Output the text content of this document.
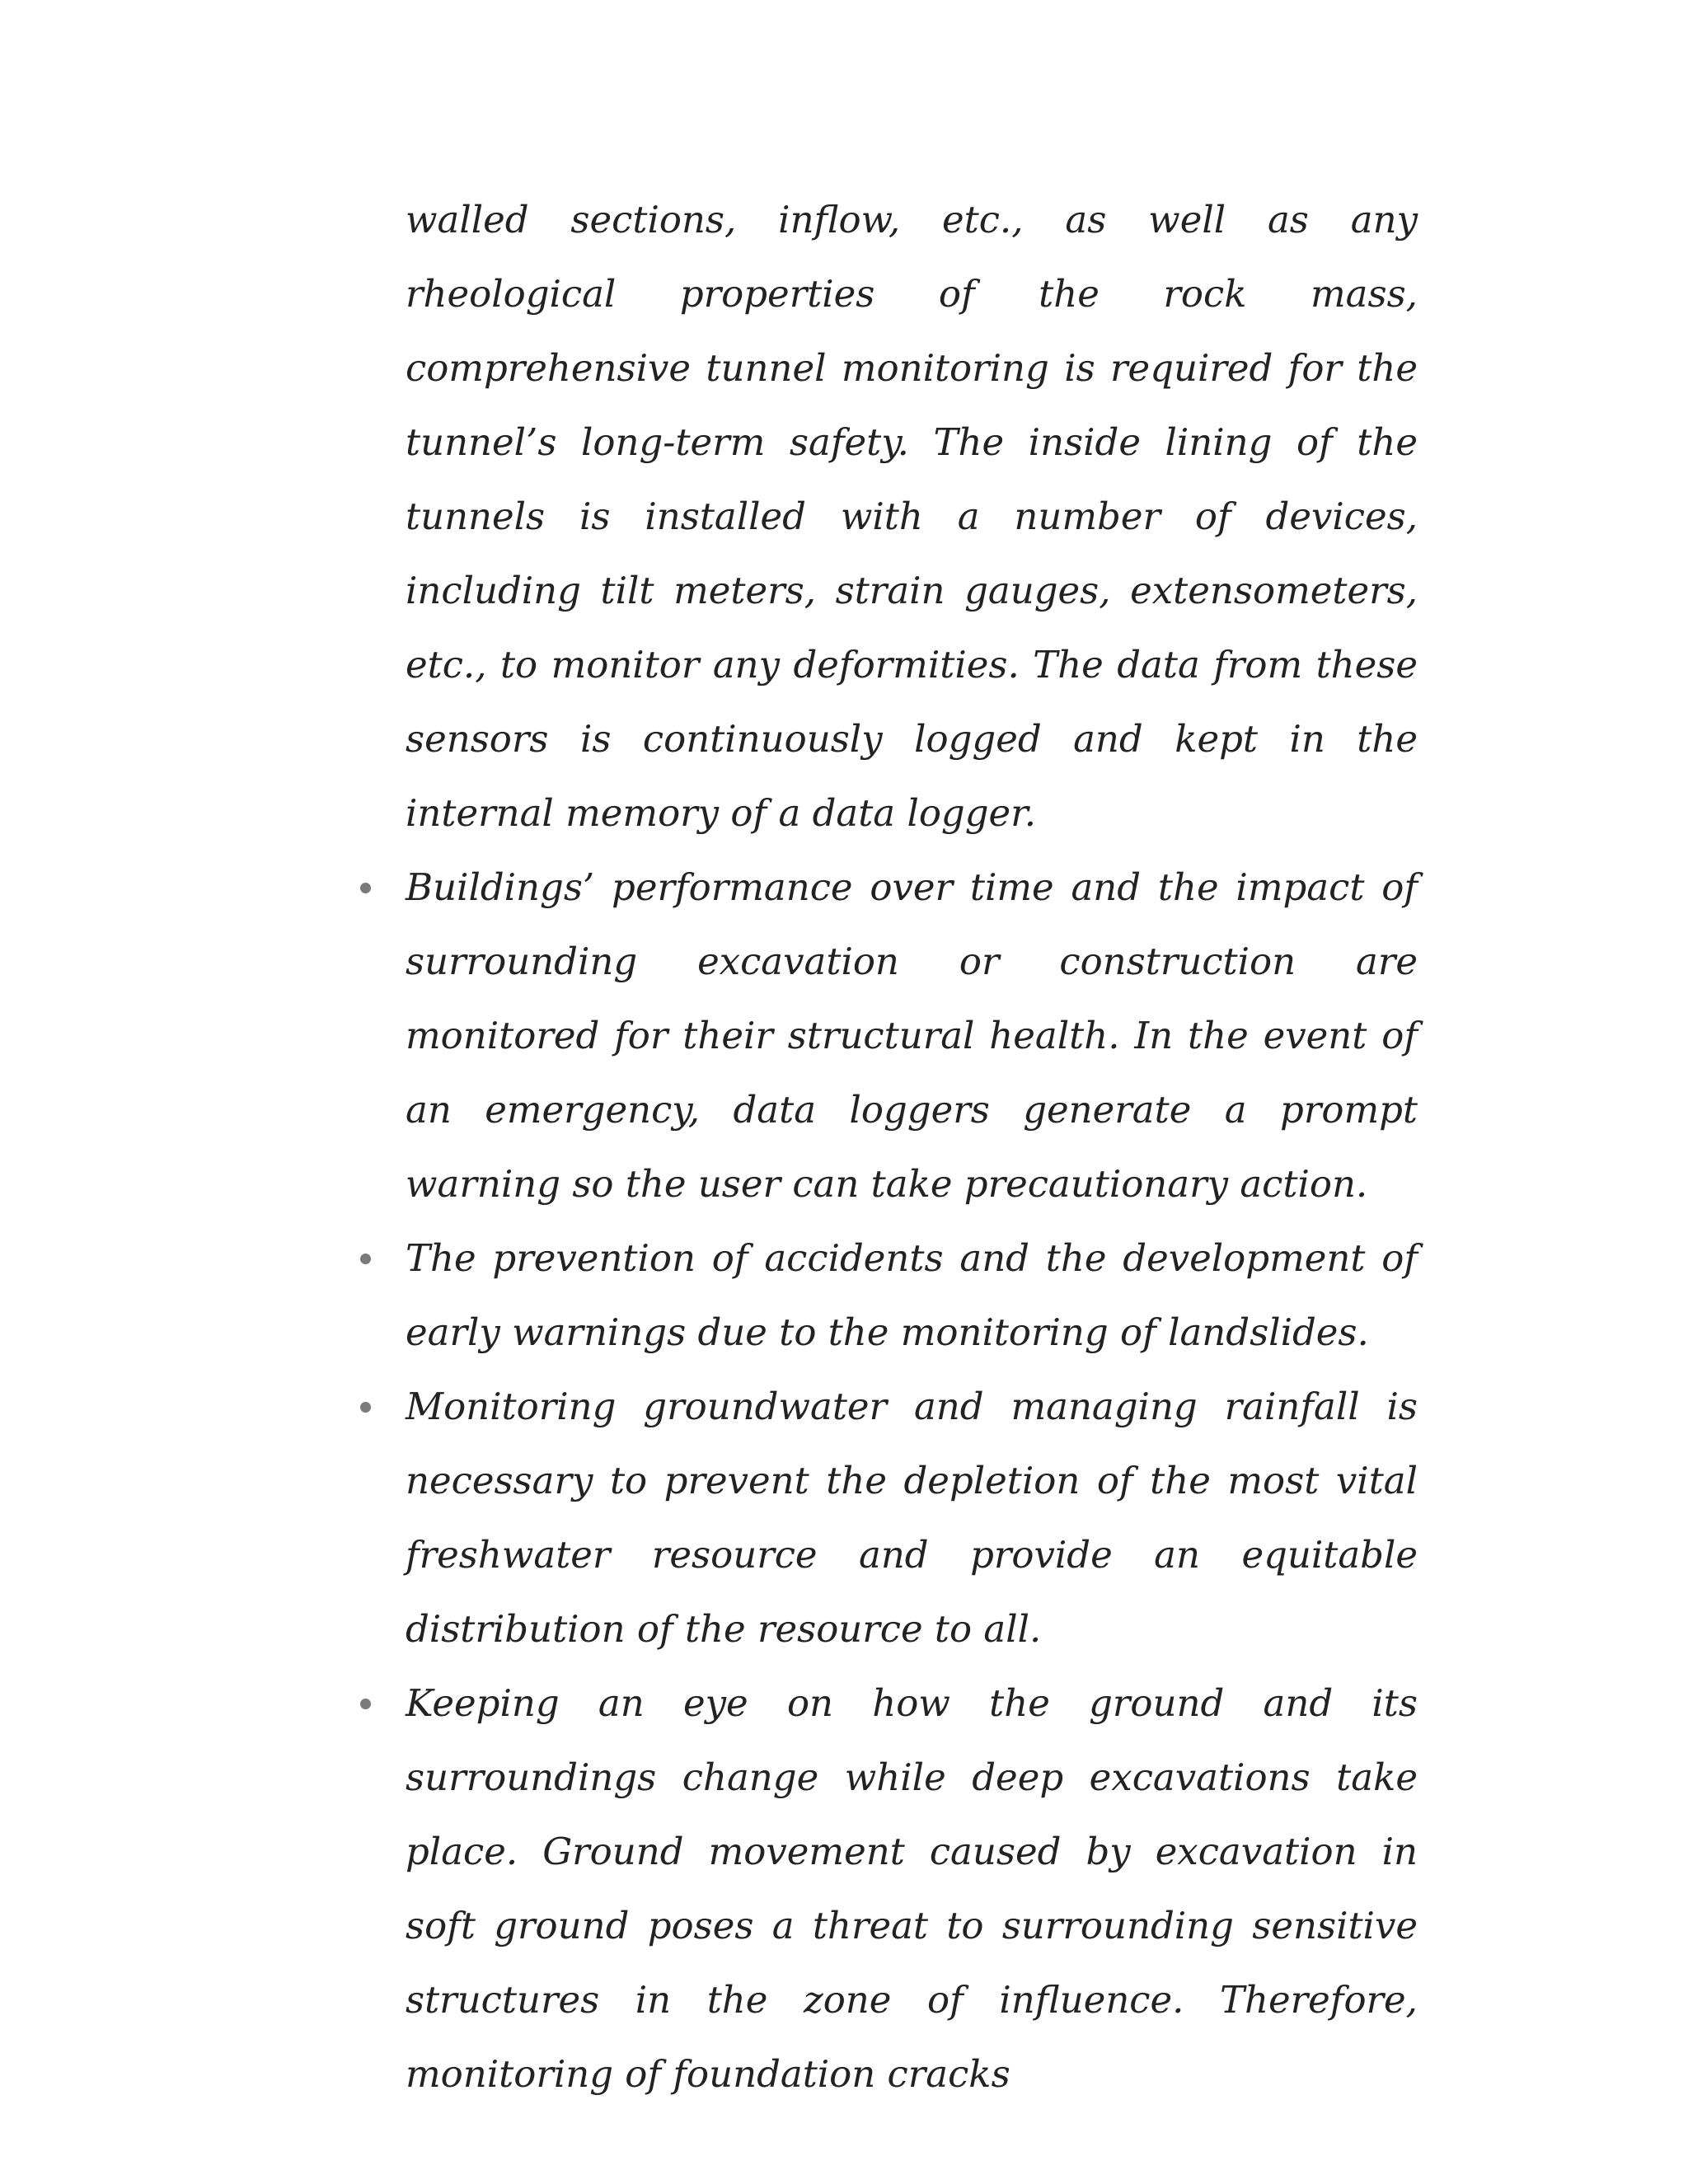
walled sections, inflow, etc., as well as any rheological properties of the rock mass, comprehensive tunnel monitoring is required for the tunnel’s long-term safety. The inside lining of the tunnels is installed with a number of devices, including tilt meters, strain gauges, extensometers, etc., to monitor any deformities. The data from these sensors is continuously logged and kept in the internal memory of a data logger.

Buildings’ performance over time and the impact of surrounding excavation or construction are monitored for their structural health. In the event of an emergency, data loggers generate a prompt warning so the user can take precautionary action.
The prevention of accidents and the development of early warnings due to the monitoring of landslides.
Monitoring groundwater and managing rainfall is necessary to prevent the depletion of the most vital freshwater resource and provide an equitable distribution of the resource to all.
Keeping an eye on how the ground and its surroundings change while deep excavations take place. Ground movement caused by excavation in soft ground poses a threat to surrounding sensitive structures in the zone of influence. Therefore, monitoring of foundation cracks
